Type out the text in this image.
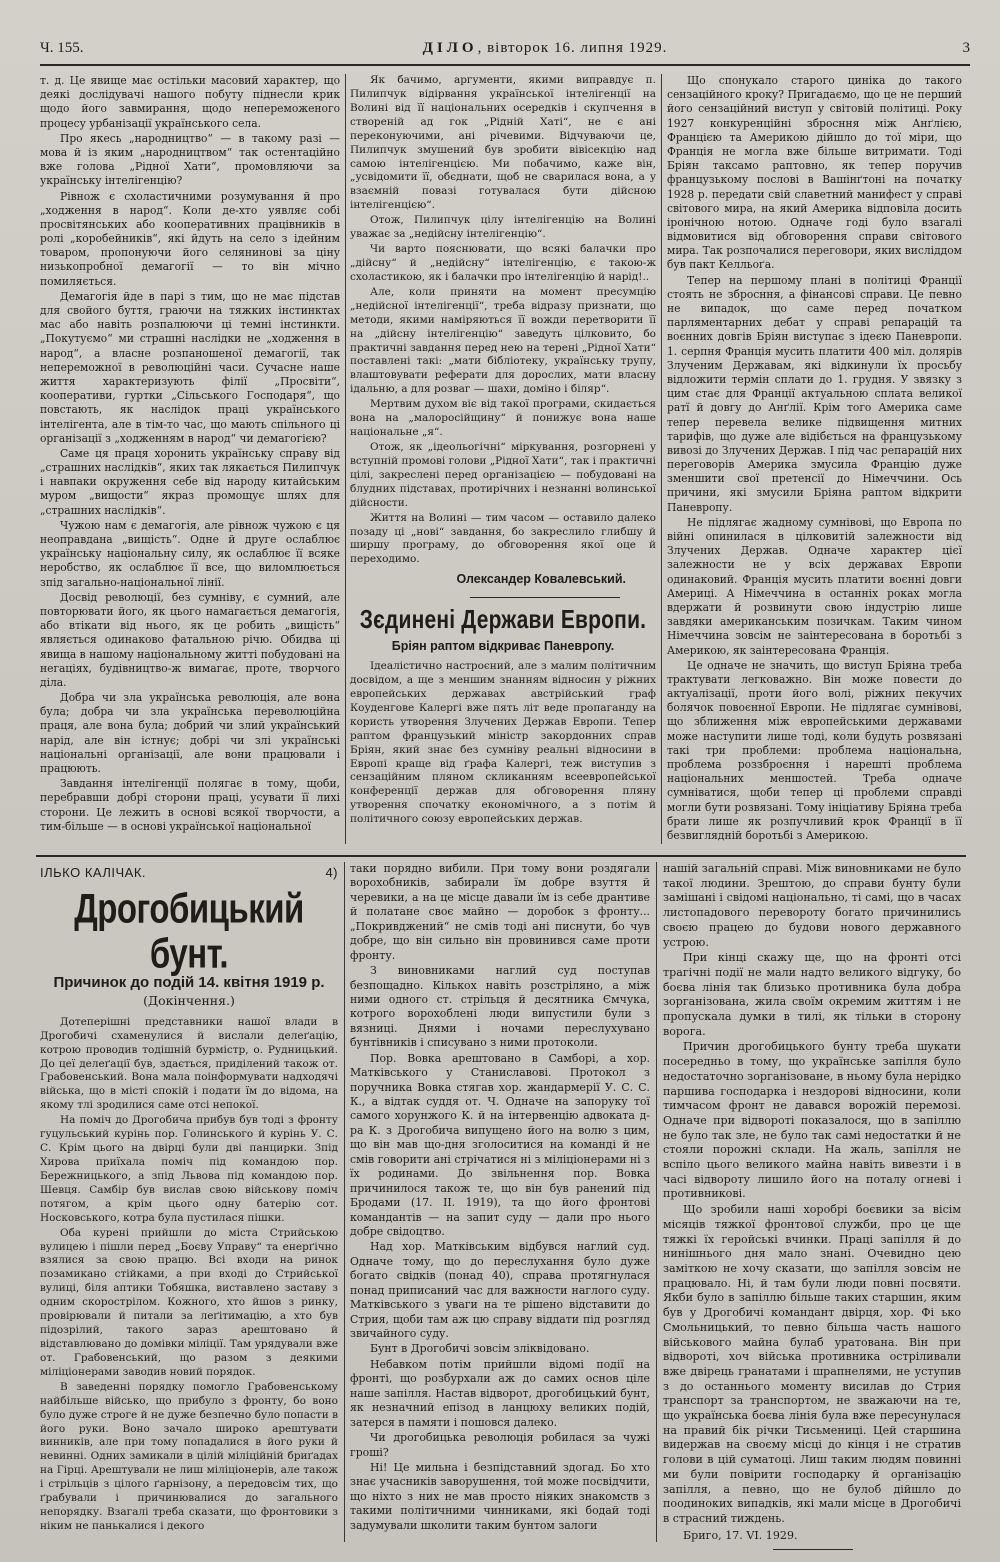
Ч. 155.	ДІЛО, вівторок 16. липня 1929.	3

т. д. Це явище має остільки масовий характер, що деякі дослідувачі нашого побуту піднесли крик щодо його завмирання, щодо непереможеного процесу урбанізації українського села.

Про якесь „народництво“ — в такому разі — мова й із яким „народництвом“ так остентаційно вже голова „Рідної Хати“, промовляючи за українську інтелігенцію?

Рівнож є схоластичними розумування й про „ходження в народ“. Коли де-хто уявляє собі просвітянських або кооперативних працівників в ролі „коробейників“, які йдуть на село з ідейним товаром, пропонуючи його селянинові за ціну низькопробної демагогії — то він мічно помиляється.

Демагогія йде в парі з тим, що не має підстав для свойого буття, граючи на тяжких інстинктах мас або навіть розпалюючи ці темні інстинкти. „Покутуємо“ ми страшні наслідки не „ходження в народ“, а власне розпаношеної демагогії, так непереможної в революційні часи. Сучасне наше життя характеризують філії „Просвіти“, кооперативи, гуртки „Сільського Господаря“, що повстають, як наслідок праці українського інтелігента, але в тім-то час, що мають спільного ці організації з „ходженням в народ“ чи демагогією?

Саме ця праця хоронить українську справу від „страшних наслідків“, яких так лякається Пилипчук і навпаки окруження себе від народу китайським муром „вищости“ якраз промощує шлях для „страшних наслідків“.

Чужою нам є демагогія, але рівнож чужою є ця неоправдана „вищість“. Одне й друге ослаблює українську національну силу, як ослаблює її всяке неробство, як ослаблює її все, що виломлюється зпід загально-національної лінії.

Досвід революції, без сумніву, є сумний, але повторювати його, як цього намагається демагогія, або втікати від нього, як це робить „вищість“ являється одинаково фатальною річю. Обидва ці явища в нашому національному житті побудовані на негаціях, будівництво-ж вимагає, проте, творчого діла.

Добра чи зла українська революція, але вона була; добра чи зла українська переволюційна праця, але вона була; добрий чи злий український нарід, але він істнує; добрі чи злі українські національні організації, але вони працювали і працюють.

Завдання інтелігенції полягає в тому, щоби, перебравши добрі сторони праці, усувати її лихі сторони. Це лежить в основі всякої творчости, а тим-більше — в основі української національної

Як бачимо, аргументи, якими виправдує п. Пилипчук відірвання української інтелігенції на Волині від її національних осередків і скупчення в створеній ад гок „Рідній Хаті“, не є ані переконуючими, ані річевими. Відчуваючи це, Пилипчук змушений був зробити вівісекцію над самою інтелігенцією. Ми побачимо, каже він, „усвідомити її, обєднати, щоб не сварилася вона, а у взаємній повазі готувалася бути дійсною інтелігенцією“.

Отож, Пилипчук цілу інтелігенцію на Волині уважає за „недійсну інтелігенцію“.

Чи варто пояснювати, що всякі балачки про „дійсну“ й „недійсну“ інтелігенцію, є такою-ж схоластикою, як і балачки про інтелігенцію й нарід!..

Але, коли приняти на момент пресумцію „недійсної інтелігенції“, треба відразу признати, що методи, якими наміряються її вожди перетворити її на „дійсну інтелігенцію“ заведуть цілковито, бо практичні завдання перед нею на терені „Рідної Хати“ поставлені такі: „мати бібліотеку, українську трупу, влаштовувати реферати для дорослих, мати власну ідальню, а для розваг — шахи, доміно і біляр“.

Мертвим духом віє від такої програми, скидається вона на „малоросійщину“ й понижує вона наше національне „я“.

Отож, як „ідеольогічні“ міркування, розгорнені у вступній промові голови „Рідної Хати“, так і практичні цілі, закреслені перед організацією — побудовані на блудних підставах, протирічних і незнанні волинської дійсности.

Життя на Волині — тим часом — оставило далеко позаду ці „нові“ завдання, бо закреслило глибшу й ширшу програму, до обговорення якої оце й переходимо.

Олександер Ковалевський.
Зєдинені Держави Европи.
Бріян раптом відкриває Паневропу.

Ідеалістично настроєний, але з малим політичним досвідом, а ще з меншим знанням відносин у ріжних европейських державах австрійський граф Коуденгове Калергі вже пять літ веде пропаганду на користь утворення Злучених Держав Европи. Тепер раптом французький міністр закордонних справ Бріян, який знає без сумніву реальні відносини в Европі краще від ґрафа Калергі, теж виступив з сензаційним пляном скликанням всеевропейської конференції держав для обговорення пляну утворення спочатку економічного, а з потім й політичного союзу европейських держав.

Що спонукало старого циніка до такого сензаційного кроку? Пригадаємо, що це не перший його сензаційний виступ у світовій політиці. Року 1927 конкуренційні збросння між Анґлією, Францією та Америкою дійшло до тої міри, що Франція не могла вже більше витримати. Тоді Бріян таксамо раптовно, як тепер поручив французькому послові в Вашінґтоні на початку 1928 р. передати свій славетний манифест у справі світового мира, на який Америка відповіла досить іронічною нотою. Одначе годі було взагалі відмовитися від обговорення справи світового мира. Так розпочалися переговори, яких висліддом був пакт Келльоґа.

Тепер на першому плані в політиці Франції стоять не збросння, а фінансові справи. Це певно не випадок, що саме перед початком парляментарних дебат у справі репарацій та воєнних довгів Бріян виступає з ідеєю Паневропи. 1. серпня Франція мусить платити 400 міл. долярів Злученим Державам, які відкинули їх просьбу відложити термін сплати до 1. грудня. У звязку з цим стає для Франції актуальною сплата великої ратї й довгу до Анґлії. Крім того Америка саме тепер перевела велике підвищення митних тарифів, що дуже але відібється на французькому вивозі до Злучених Держав. І під час репарацій них переговорів Америка змусила Францію дуже зменшити свої претенсії до Німеччини. Ось причини, які змусили Бріяна раптом відкрити Паневропу.

Не підлягає жадному сумнівові, що Европа по війні опинилася в цілковитій залежности від Злучених Держав. Одначе характер цієї залежности не у всіх державах Европи одинаковий. Франція мусить платити воєнні довги Америці. А Німеччина в останніх роках могла вдержати й розвинути свою індустрію лише завдяки американським позичкам. Таким чином Німеччина зовсім не заінтересована в боротьбі з Америкою, як заінтересована Франція.

Це одначе не значить, що виступ Бріяна треба трактувати легковажно. Він може повести до актуалізації, проти його волі, ріжних пекучих болячок повоєнної Европи. Не підлягає сумнівові, що зближення між европейськими державами може наступити лише тоді, коли будуть розвязані такі три проблеми: проблема національна, проблема роззброєння і нарешті проблема національних меншостей. Треба одначе сумніватися, щоби тепер ці проблеми справді могли бути розвязані. Тому ініціативу Бріяна треба брати лише як розпучливий крок Франції в її безвиглядній боротьбі з Америкою.

ІЛЬКО КАЛІЧАК.	4)
Дрогобицький бунт.
Причинок до подій 14. квітня 1919 р.
(Докінчення.)

Дотеперішні представники нашої влади в Дрогобичі схаменулися й вислали делеґацію, котрою проводив тодішній бурмістр, о. Рудницький. До цеї делеґації був, здається, приділений також от. Грабовенський. Вона мала поінформувати надходячі війська, що в місті спокій і подати їм до відома, на якому тлі зродилися саме отсі непокої.

На поміч до Дрогобича прибув був тоді з фронту гуцульський курінь пор. Голинського й курінь У. С. С. Крім цього на двірці були дві панцирки. Зпід Хирова приїхала поміч під командою пор. Бережницького, а зпід Львова під командою пор. Шевця. Самбір був вислав свою військову поміч потягом, а крім цього одну батерію сот. Носковського, котра була пустилася пішки.

Оба курені прийшли до міста Стрийською вулицею і пішли перед „Боєву Управу“ та енерґічно взялися за свою працю. Всі входи на ринок позамикано стійками, а при вході до Стрийської вулиці, біля аптики Тобяшка, виставлено заставу з одним скорострілом. Кожного, хто йшов з ринку, провірювали й питали за леґітимацію, а хто був підозрілий, такого зараз арештовано й відставлювано до домівки міліції. Там урядували вже от. Грабовенський, що разом з деякими міліціонерами заводив новий порядок.

В заведенні порядку помогло Грабовенському найбільше військо, що прибуло з фронту, бо воно було дуже строге й не дуже безпечно було попасти в його руки. Воно зачало широко арештувати винників, але при тому попадалися в його руки й невинні. Одних замикали в цілій міліційній бриґадах на Гірці. Арештували не лиш міліціонерів, але також і стрільців з цілого ґарнізону, а передовсім тих, що ґрабували і причинювалися до загального непорядку. Взагалі треба сказати, що фронтовики з ніким не панькалися і декого

таки порядно вибили. При тому вони роздягали ворохобників, забирали їм добре взуття й черевики, а на це місце давали їм із себе дрантиве й полатане своє майно — доробок з фронту... „Покривджений“ не смів тоді ані писнути, бо чув добре, що він сильно він провинився саме проти фронту.

З виновниками наглий суд поступав безпощадно. Кількох навіть розстріляно, а між ними одного ст. стрільця й десятника Ємчука, котрого ворохоблені люди випустили були з вязниці. Днями і ночами переслухувано бунтівників і списувано з ними протоколи.

Пор. Вовка арештовано в Самборі, а хор. Матківського у Станиславові. Протокол з поручника Вовка стягав хор. жандармерії У. С. С. К., а відтак суддя от. Ч. Одначе на запоруку тої самого хорунжого К. й на інтервенцію адвоката д-ра К. з Дрогобича випущено його на волю з цим, що він мав що-дня зголоситися на команді й не смів говорити ані стрічатися ні з міліціонерами ні з їх родинами. До звільнення пор. Вовка причинилося також те, що він був ранений під Бродами (17. ІІ. 1919), та що його фронтові командантів — на запит суду — дали про нього добре свідоцтво.

Над хор. Матківським відбувся наглий суд. Одначе тому, що до переслухання було дуже богато свідків (понад 40), справа протягнулася понад приписаний час для важности наглого суду. Матківського з уваги на те рішено відставити до Стрия, щоби там аж цю справу віддати під розгляд звичайного суду.

Бунт в Дрогобичі зовсім зліквідовано.

Небавком потім прийшли відомі події на фронті, що розбурхали аж до самих основ ціле наше запілля. Настав відворот, дрогобицький бунт, як незначний епізод в ланцюху великих подій, затерся в памяти і пошовся далеко.

Чи дрогобицька революція робилася за чужі гроші?

Ні! Це мильна і безпідставний здогад. Бо хто знає учасників заворушення, той може посвідчити, що ніхто з них не мав просто ніяких знакомств з такими політичними чинниками, які бодай тоді задумували школити таким бунтом залоги

нашій загальній справі. Між виновниками не було такої людини. Зрештою, до справи бунту були замішані і свідомі національно, ті самі, що в часах листопадового перевороту богато причинились своєю працею до будови нового державного устрою.

При кінці скажу ще, що на фронті отсі трагічні події не мали надто великого відгуку, бо боєва лінія так близько противника була добра зорганізована, жила своїм окремим життям і не пропускала думки в тилі, як тільки в сторону ворога.

Причин дрогобицького бунту треба шукати посередньо в тому, що українське запілля було недостаточно зорганізоване, в ньому була нерідко паршива господарка і нездорові відносини, коли тимчасом фронт не давався ворожій перемозі. Одначе при відвороті показалося, що в запіллю не було так зле, не було так самі недостатки й не стояли порожні склади. На жаль, запілля не вспіло цього великого майна навіть вивезти і в часі відвороту лишило його на поталу огневі і противникові.

Що зробили наші хоробрі боєвики за вісім місяців тяжкої фронтової служби, про це ще тяжкі їх геройські вчинки. Праці запілля й до нинішнього дня мало знані. Очевидно цею заміткою не хочу сказати, що запілля зовсім не працювало. Ні, й там були люди повні посвяти. Якби було в запіллю більше таких старшин, яким був у Дрогобичі командант двірця, хор. Фі ько Смольницький, то певно більша часть нашого військового майна булаб уратована. Він при відвороті, хоч війська противника остріливали вже двірець гранатами і шрапнелями, не уступив з до останнього моменту висилав до Стрия транспорт за транспортом, не зважаючи на те, що українська боєва лінія була вже пересунулася на правий бік річки Тисьмениці. Цей старшина видержав на своєму місці до кінця і не стратив голови в цій суматоці. Лиш таким людям повинні ми були повірити господарку й організацію запілля, а певно, що не булоб дійшло до поодиноких випадків, які мали місце в Дрогобичі в страсний тиждень.

Бриго, 17. VI. 1929.
